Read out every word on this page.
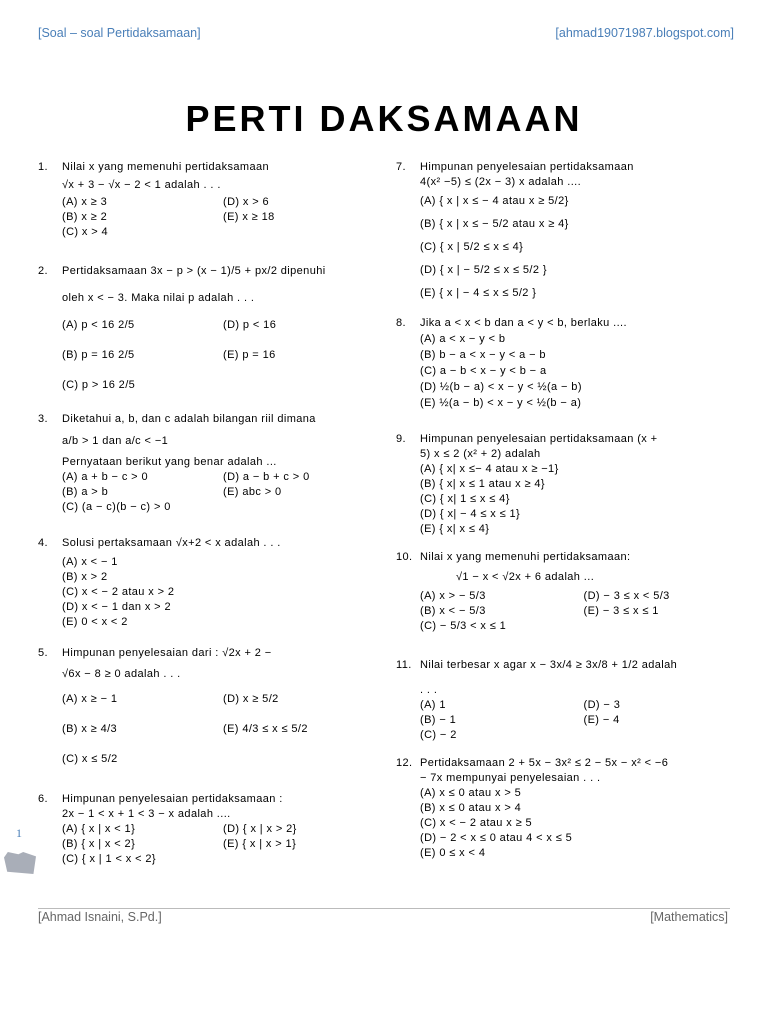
[Soal – soal Pertidaksamaan]	[ahmad19071987.blogspot.com]
PERTI DAKSAMAAN
1. Nilai x yang memenuhi pertidaksamaan
√x + 3 − √x − 2 < 1 adalah . . .
(A) x ≥ 3	(D) x > 6
(B) x ≥ 2	(E) x ≥ 18
(C) x > 4
2. Pertidaksamaan 3x − p > (x − 1)/5 + px/2 dipenuhi
oleh x < − 3. Maka nilai p adalah . . .
(A) p < 16 2/5	(D) p < 16
(B) p = 16 2/5	(E) p = 16
(C) p > 16 2/5
3. Diketahui a, b, dan c adalah bilangan riil dimana
a/b > 1 dan a/c < −1
Pernyataan berikut yang benar adalah ...
(A) a + b − c > 0	(D) a − b + c > 0
(B) a > b	(E) abc > 0
(C) (a − c)(b − c) > 0
4. Solusi pertaksamaan √x+2 < x adalah . . .
(A) x < − 1
(B) x > 2
(C) x < − 2 atau x > 2
(D) x < − 1 dan x > 2
(E) 0 < x < 2
5. Himpunan penyelesaian dari : √2x + 2 −
√6x − 8 ≥ 0 adalah . . .
(A) x ≥ − 1	(D) x ≥ 5/2
(B) x ≥ 4/3	(E) 4/3 ≤ x ≤ 5/2
(C) x ≤ 5/2
6. Himpunan penyelesaian pertidaksamaan :
2x − 1 < x + 1 < 3 − x adalah ....
(A) { x | x < 1}	(D) { x | x > 2}
(B) { x | x < 2}	(E) { x | x > 1}
(C) { x | 1 < x < 2}
7. Himpunan penyelesaian pertidaksamaan
4(x² −5) ≤ (2x − 3) x adalah ....
(A) { x | x ≤ − 4 atau x ≥ 5/2}
(B) { x | x ≤ − 5/2 atau x ≥ 4}
(C) { x | 5/2 ≤ x ≤ 4}
(D) { x | − 5/2 ≤ x ≤ 5/2 }
(E) { x | − 4 ≤ x ≤ 5/2 }
8. Jika a < x < b dan a < y < b, berlaku ....
(A) a < x − y < b
(B) b − a < x − y < a − b
(C) a − b < x − y < b − a
(D) ½(b − a) < x − y < ½(a − b)
(E) ½(a − b) < x − y < ½(b − a)
9. Himpunan penyelesaian pertidaksamaan (x +
5) x ≤ 2 (x² + 2) adalah
(A) { x| x ≤− 4 atau x ≥ −1}
(B) { x| x ≤ 1 atau x ≥ 4}
(C) { x| 1 ≤ x ≤ 4}
(D) { x| − 4 ≤ x ≤ 1}
(E) { x| x ≤ 4}
10. Nilai x yang memenuhi pertidaksamaan:
√1 − x < √2x + 6 adalah ...
(A) x > − 5/3	(D) − 3 ≤ x < 5/3
(B) x < − 5/3	(E) − 3 ≤ x ≤ 1
(C) − 5/3 < x ≤ 1
11. Nilai terbesar x agar x − 3x/4 ≥ 3x/8 + 1/2 adalah
. . .
(A) 1	(D) − 3
(B) − 1	(E) − 4
(C) − 2
12. Pertidaksamaan 2 + 5x − 3x² ≤ 2 − 5x − x² < −6
− 7x mempunyai penyelesaian . . .
(A) x ≤ 0 atau x > 5
(B) x ≤ 0 atau x > 4
(C) x < − 2 atau x ≥ 5
(D) − 2 < x ≤ 0 atau 4 < x ≤ 5
(E) 0 ≤ x < 4
1
[Ahmad Isnaini, S.Pd.]	[Mathematics]
